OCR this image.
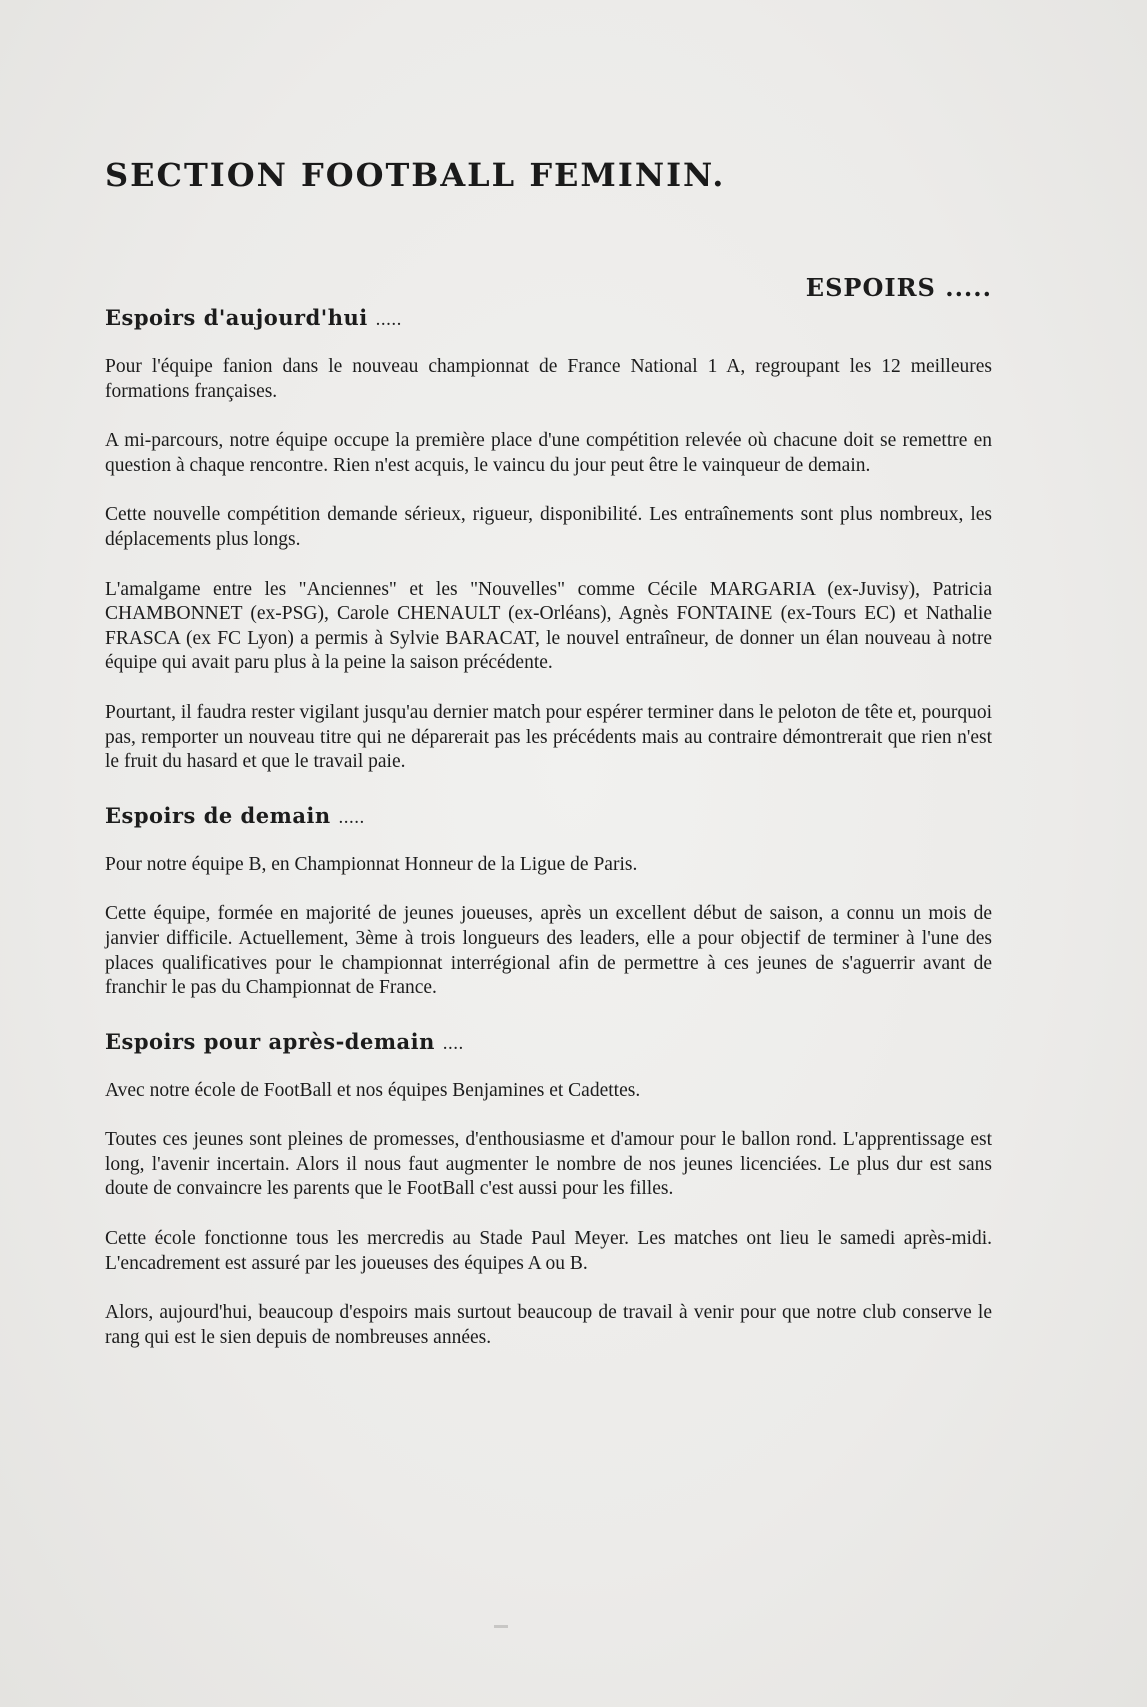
SECTION FOOTBALL FEMININ.
ESPOIRS .....
Espoirs d'aujourd'hui .....

Pour l'équipe fanion dans le nouveau championnat de France National 1 A, regroupant les 12 meilleures formations françaises.

A mi-parcours, notre équipe occupe la première place d'une compétition relevée où chacune doit se remettre en question à chaque rencontre. Rien n'est acquis, le vaincu du jour peut être le vainqueur de demain.

Cette nouvelle compétition demande sérieux, rigueur, disponibilité. Les entraînements sont plus nombreux, les déplacements plus longs.

L'amalgame entre les "Anciennes" et les "Nouvelles" comme Cécile MARGARIA (ex-Juvisy), Patricia CHAMBONNET (ex-PSG), Carole CHENAULT (ex-Orléans), Agnès FONTAINE (ex-Tours EC) et Nathalie FRASCA (ex FC Lyon) a permis à Sylvie BARACAT, le nouvel entraîneur, de donner un élan nouveau à notre équipe qui avait paru plus à la peine la saison précédente.

Pourtant, il faudra rester vigilant jusqu'au dernier match pour espérer terminer dans le peloton de tête et, pourquoi pas, remporter un nouveau titre qui ne déparerait pas les précédents mais au contraire démontrerait que rien n'est le fruit du hasard et que le travail paie.

Espoirs de demain .....

Pour notre équipe B, en Championnat Honneur de la Ligue de Paris.

Cette équipe, formée en majorité de jeunes joueuses, après un excellent début de saison, a connu un mois de janvier difficile. Actuellement, 3ème à trois longueurs des leaders, elle a pour objectif de terminer à l'une des places qualificatives pour le championnat interrégional afin de permettre à ces jeunes de s'aguerrir avant de franchir le pas du Championnat de France.

Espoirs pour après-demain ....

Avec notre école de FootBall et nos équipes Benjamines et Cadettes.

Toutes ces jeunes sont pleines de promesses, d'enthousiasme et d'amour pour le ballon rond. L'apprentissage est long, l'avenir incertain. Alors il nous faut augmenter le nombre de nos jeunes licenciées. Le plus dur est sans doute de convaincre les parents que le FootBall c'est aussi pour les filles.

Cette école fonctionne tous les mercredis au Stade Paul Meyer. Les matches ont lieu le samedi après-midi. L'encadrement est assuré par les joueuses des équipes A ou B.

Alors, aujourd'hui, beaucoup d'espoirs mais surtout beaucoup de travail à venir pour que notre club conserve le rang qui est le sien depuis de nombreuses années.
